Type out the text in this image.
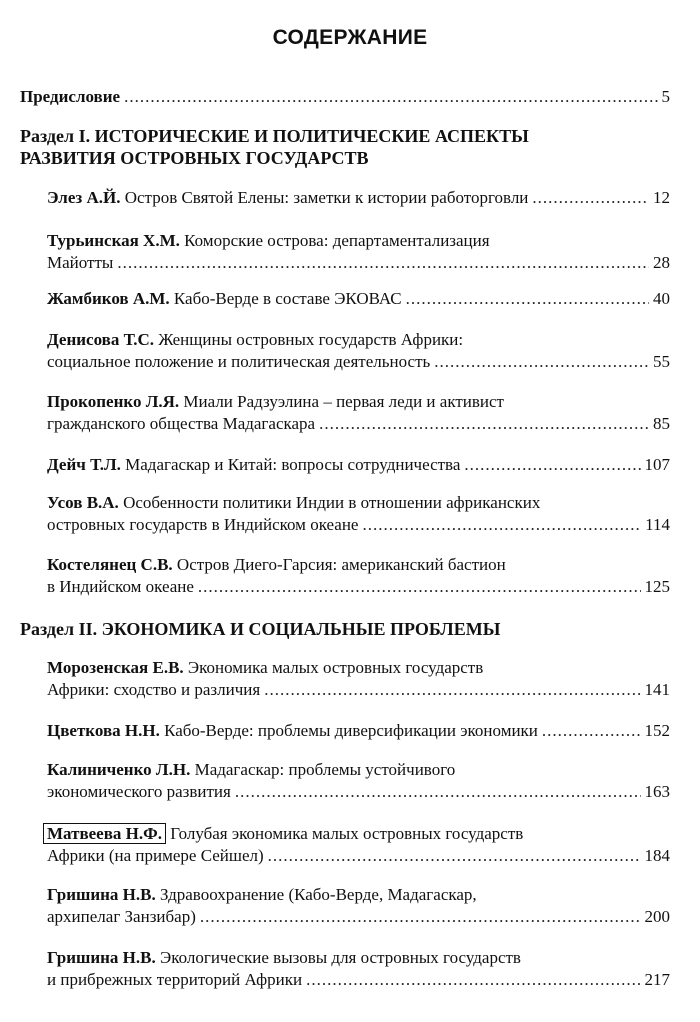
СОДЕРЖАНИЕ
Предисловие .....	5
Раздел I. ИСТОРИЧЕСКИЕ И ПОЛИТИЧЕСКИЕ АСПЕКТЫ
РАЗВИТИЯ ОСТРОВНЫХ ГОСУДАРСТВ
Элез А.Й. Остров Святой Елены: заметки к истории работорговли .....	12
Турьинская Х.М. Коморские острова: департаментализация
Майотты .....	28
Жамбиков А.М. Кабо-Верде в составе ЭКОВАС .....	40
Денисова Т.С. Женщины островных государств Африки:
социальное положение и политическая деятельность .....	55
Прокопенко Л.Я. Миали Радзуэлина – первая леди и активист
гражданского общества Мадагаскара .....	85
Дейч Т.Л. Мадагаскар и Китай: вопросы сотрудничества .....	107
Усов В.А. Особенности политики Индии в отношении африканских
островных государств в Индийском океане .....	114
Костелянец С.В. Остров Диего-Гарсия: американский бастион
в Индийском океане .....	125
Раздел II. ЭКОНОМИКА И СОЦИАЛЬНЫЕ ПРОБЛЕМЫ
Морозенская Е.В. Экономика малых островных государств
Африки: сходство и различия .....	141
Цветкова Н.Н. Кабо-Верде: проблемы диверсификации экономики .....	152
Калиниченко Л.Н. Мадагаскар: проблемы устойчивого
экономического развития .....	163
Матвеева Н.Ф. Голубая экономика малых островных государств
Африки (на примере Сейшел) .....	184
Гришина Н.В. Здравоохранение (Кабо-Верде, Мадагаскар,
архипелаг Занзибар) .....	200
Гришина Н.В. Экологические вызовы для островных государств
и прибрежных территорий Африки .....	217
